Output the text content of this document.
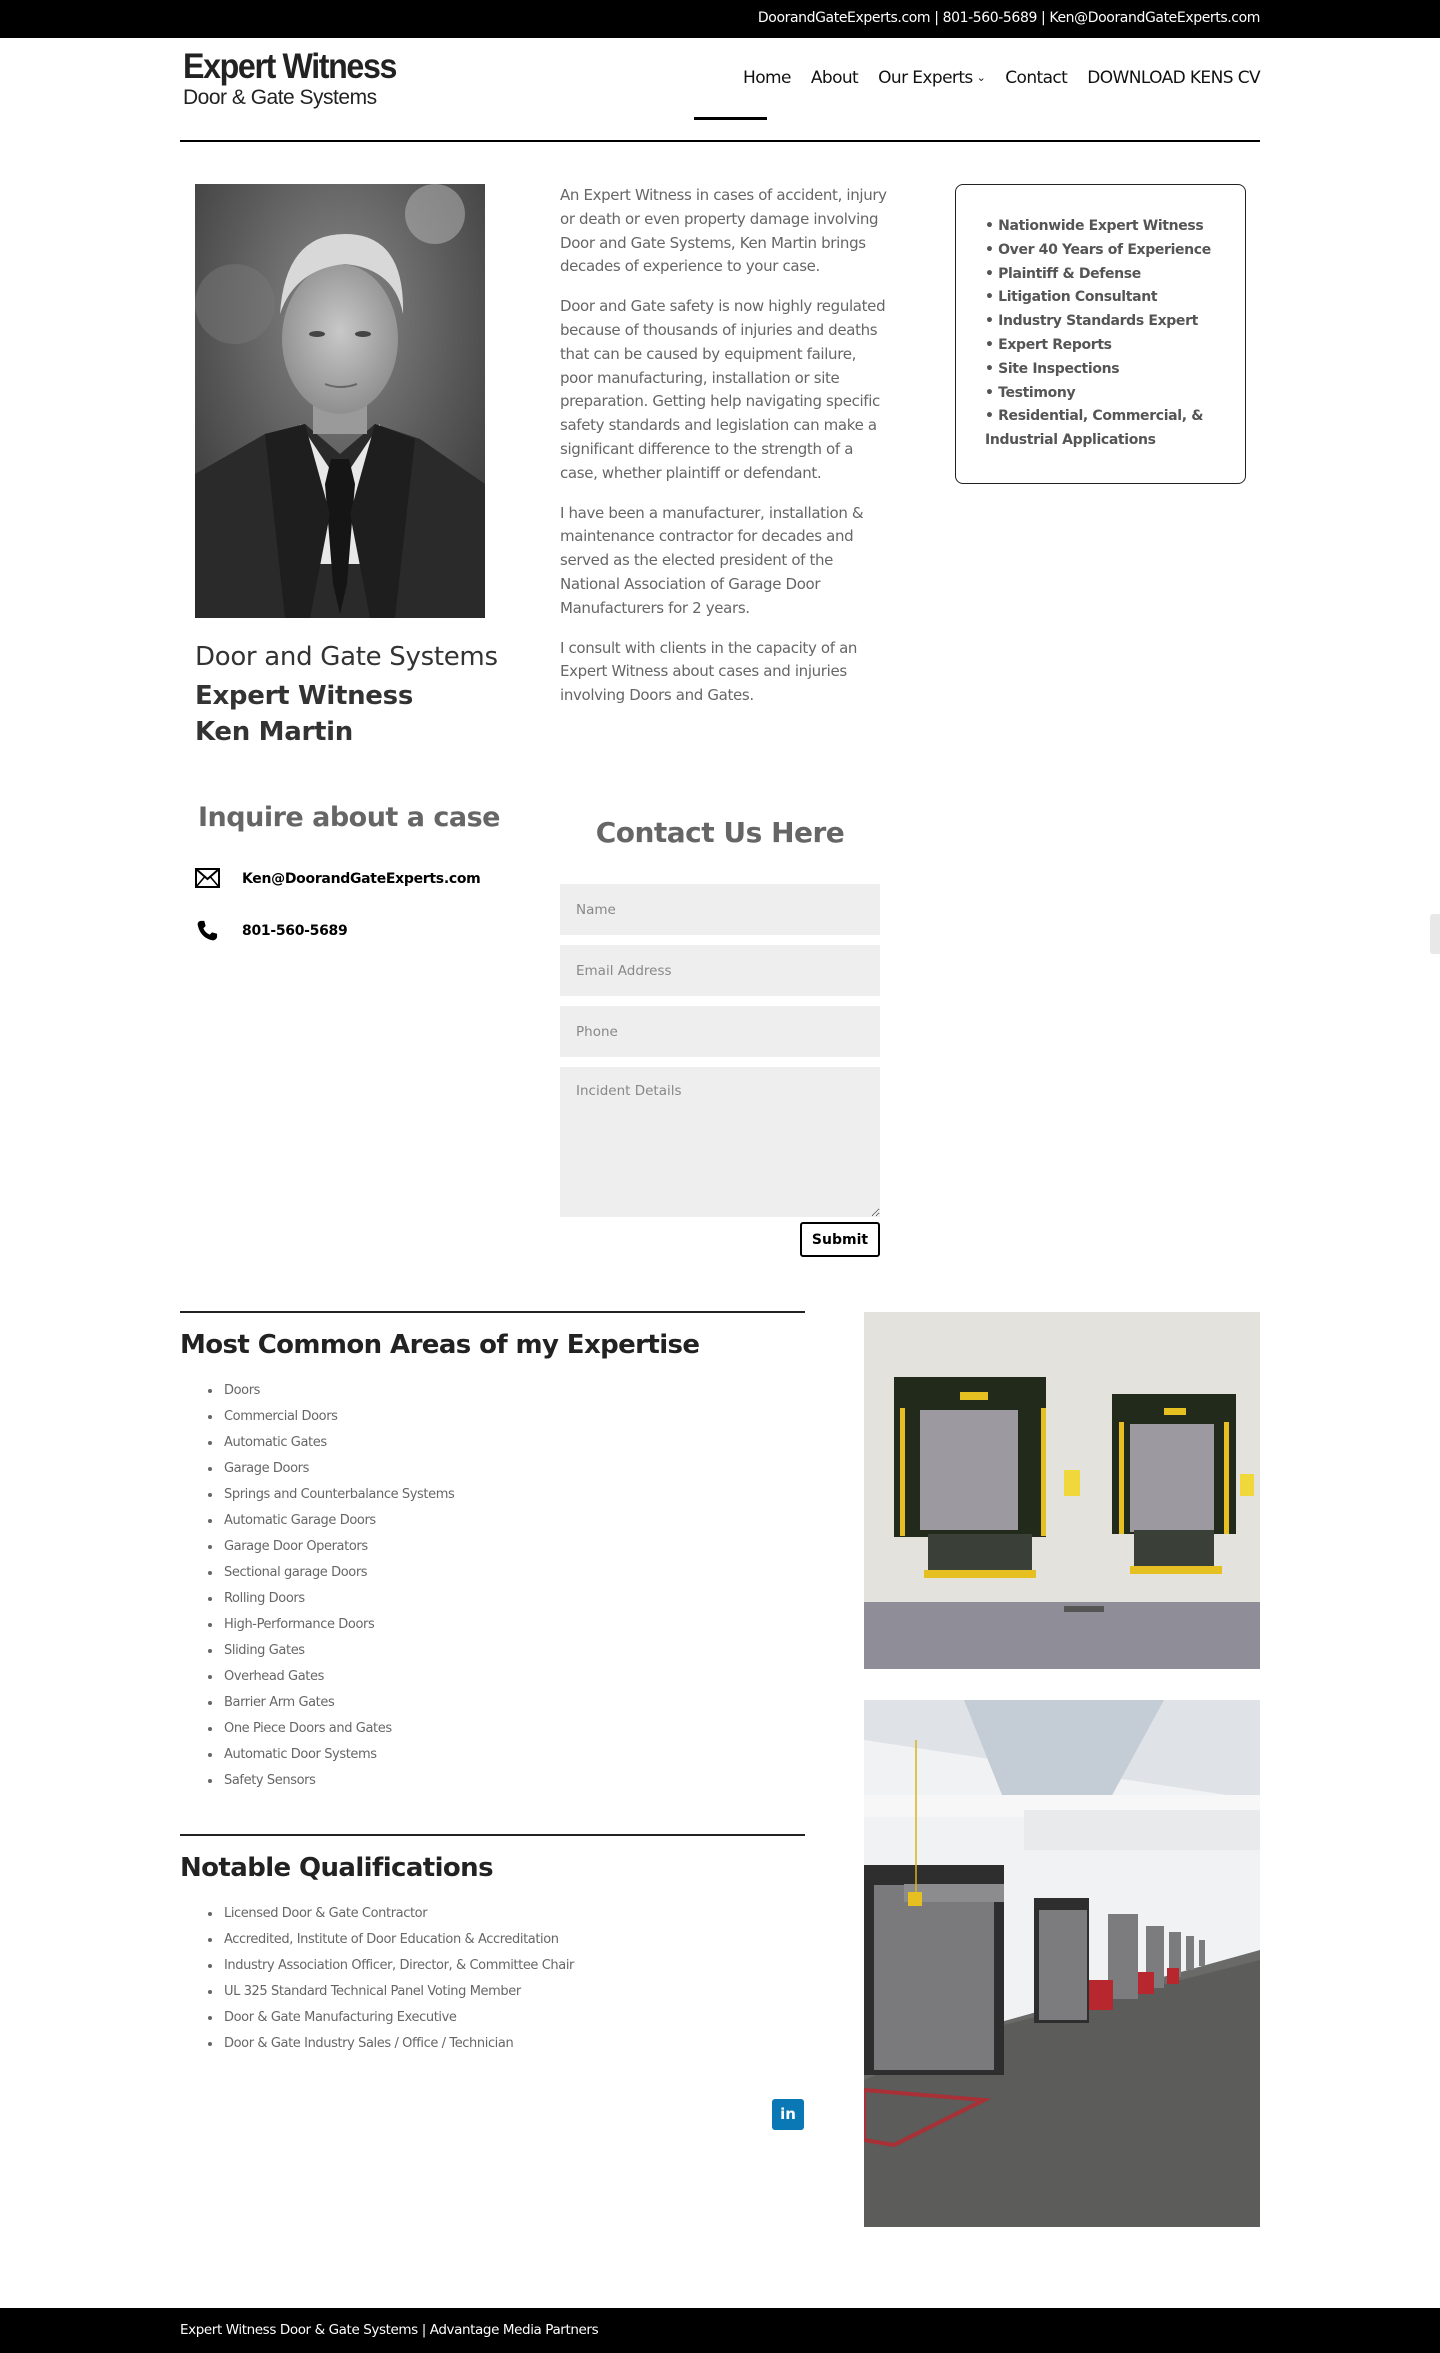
DoorandGateExperts.com | 801-560-5689 | Ken@DoorandGateExperts.com
Expert Witness
Door & Gate Systems
Home About Our Experts ⌄ Contact DOWNLOAD KENS CV
Door and Gate Systems
Expert Witness
Ken Martin
Inquire about a case
Ken@DoorandGateExperts.com
801-560-5689

An Expert Witness in cases of accident, injury or death or even property damage involving Door and Gate Systems, Ken Martin brings decades of experience to your case.

Door and Gate safety is now highly regulated because of thousands of injuries and deaths that can be caused by equipment failure, poor manufacturing, installation or site preparation. Getting help navigating specific safety standards and legislation can make a significant difference to the strength of a case, whether plaintiff or defendant.

I have been a manufacturer, installation & maintenance contractor for decades and served as the elected president of the National Association of Garage Door Manufacturers for 2 years.

I consult with clients in the capacity of an Expert Witness about cases and injuries involving Doors and Gates.

• Nationwide Expert Witness
• Over 40 Years of Experience
• Plaintiff & Defense
• Litigation Consultant
• Industry Standards Expert
• Expert Reports
• Site Inspections
• Testimony
• Residential, Commercial, & Industrial Applications
Contact Us Here
Name
Email Address
Phone
Incident Details
Submit
Most Common Areas of my Expertise
Doors
Commercial Doors
Automatic Gates
Garage Doors
Springs and Counterbalance Systems
Automatic Garage Doors
Garage Door Operators
Sectional garage Doors
Rolling Doors
High-Performance Doors
Sliding Gates
Overhead Gates
Barrier Arm Gates
One Piece Doors and Gates
Automatic Door Systems
Safety Sensors
Notable Qualifications
Licensed Door & Gate Contractor
Accredited, Institute of Door Education & Accreditation
Industry Association Officer, Director, & Committee Chair
UL 325 Standard Technical Panel Voting Member
Door & Gate Manufacturing Executive
Door & Gate Industry Sales / Office / Technician
in
Expert Witness Door & Gate Systems | Advantage Media Partners
